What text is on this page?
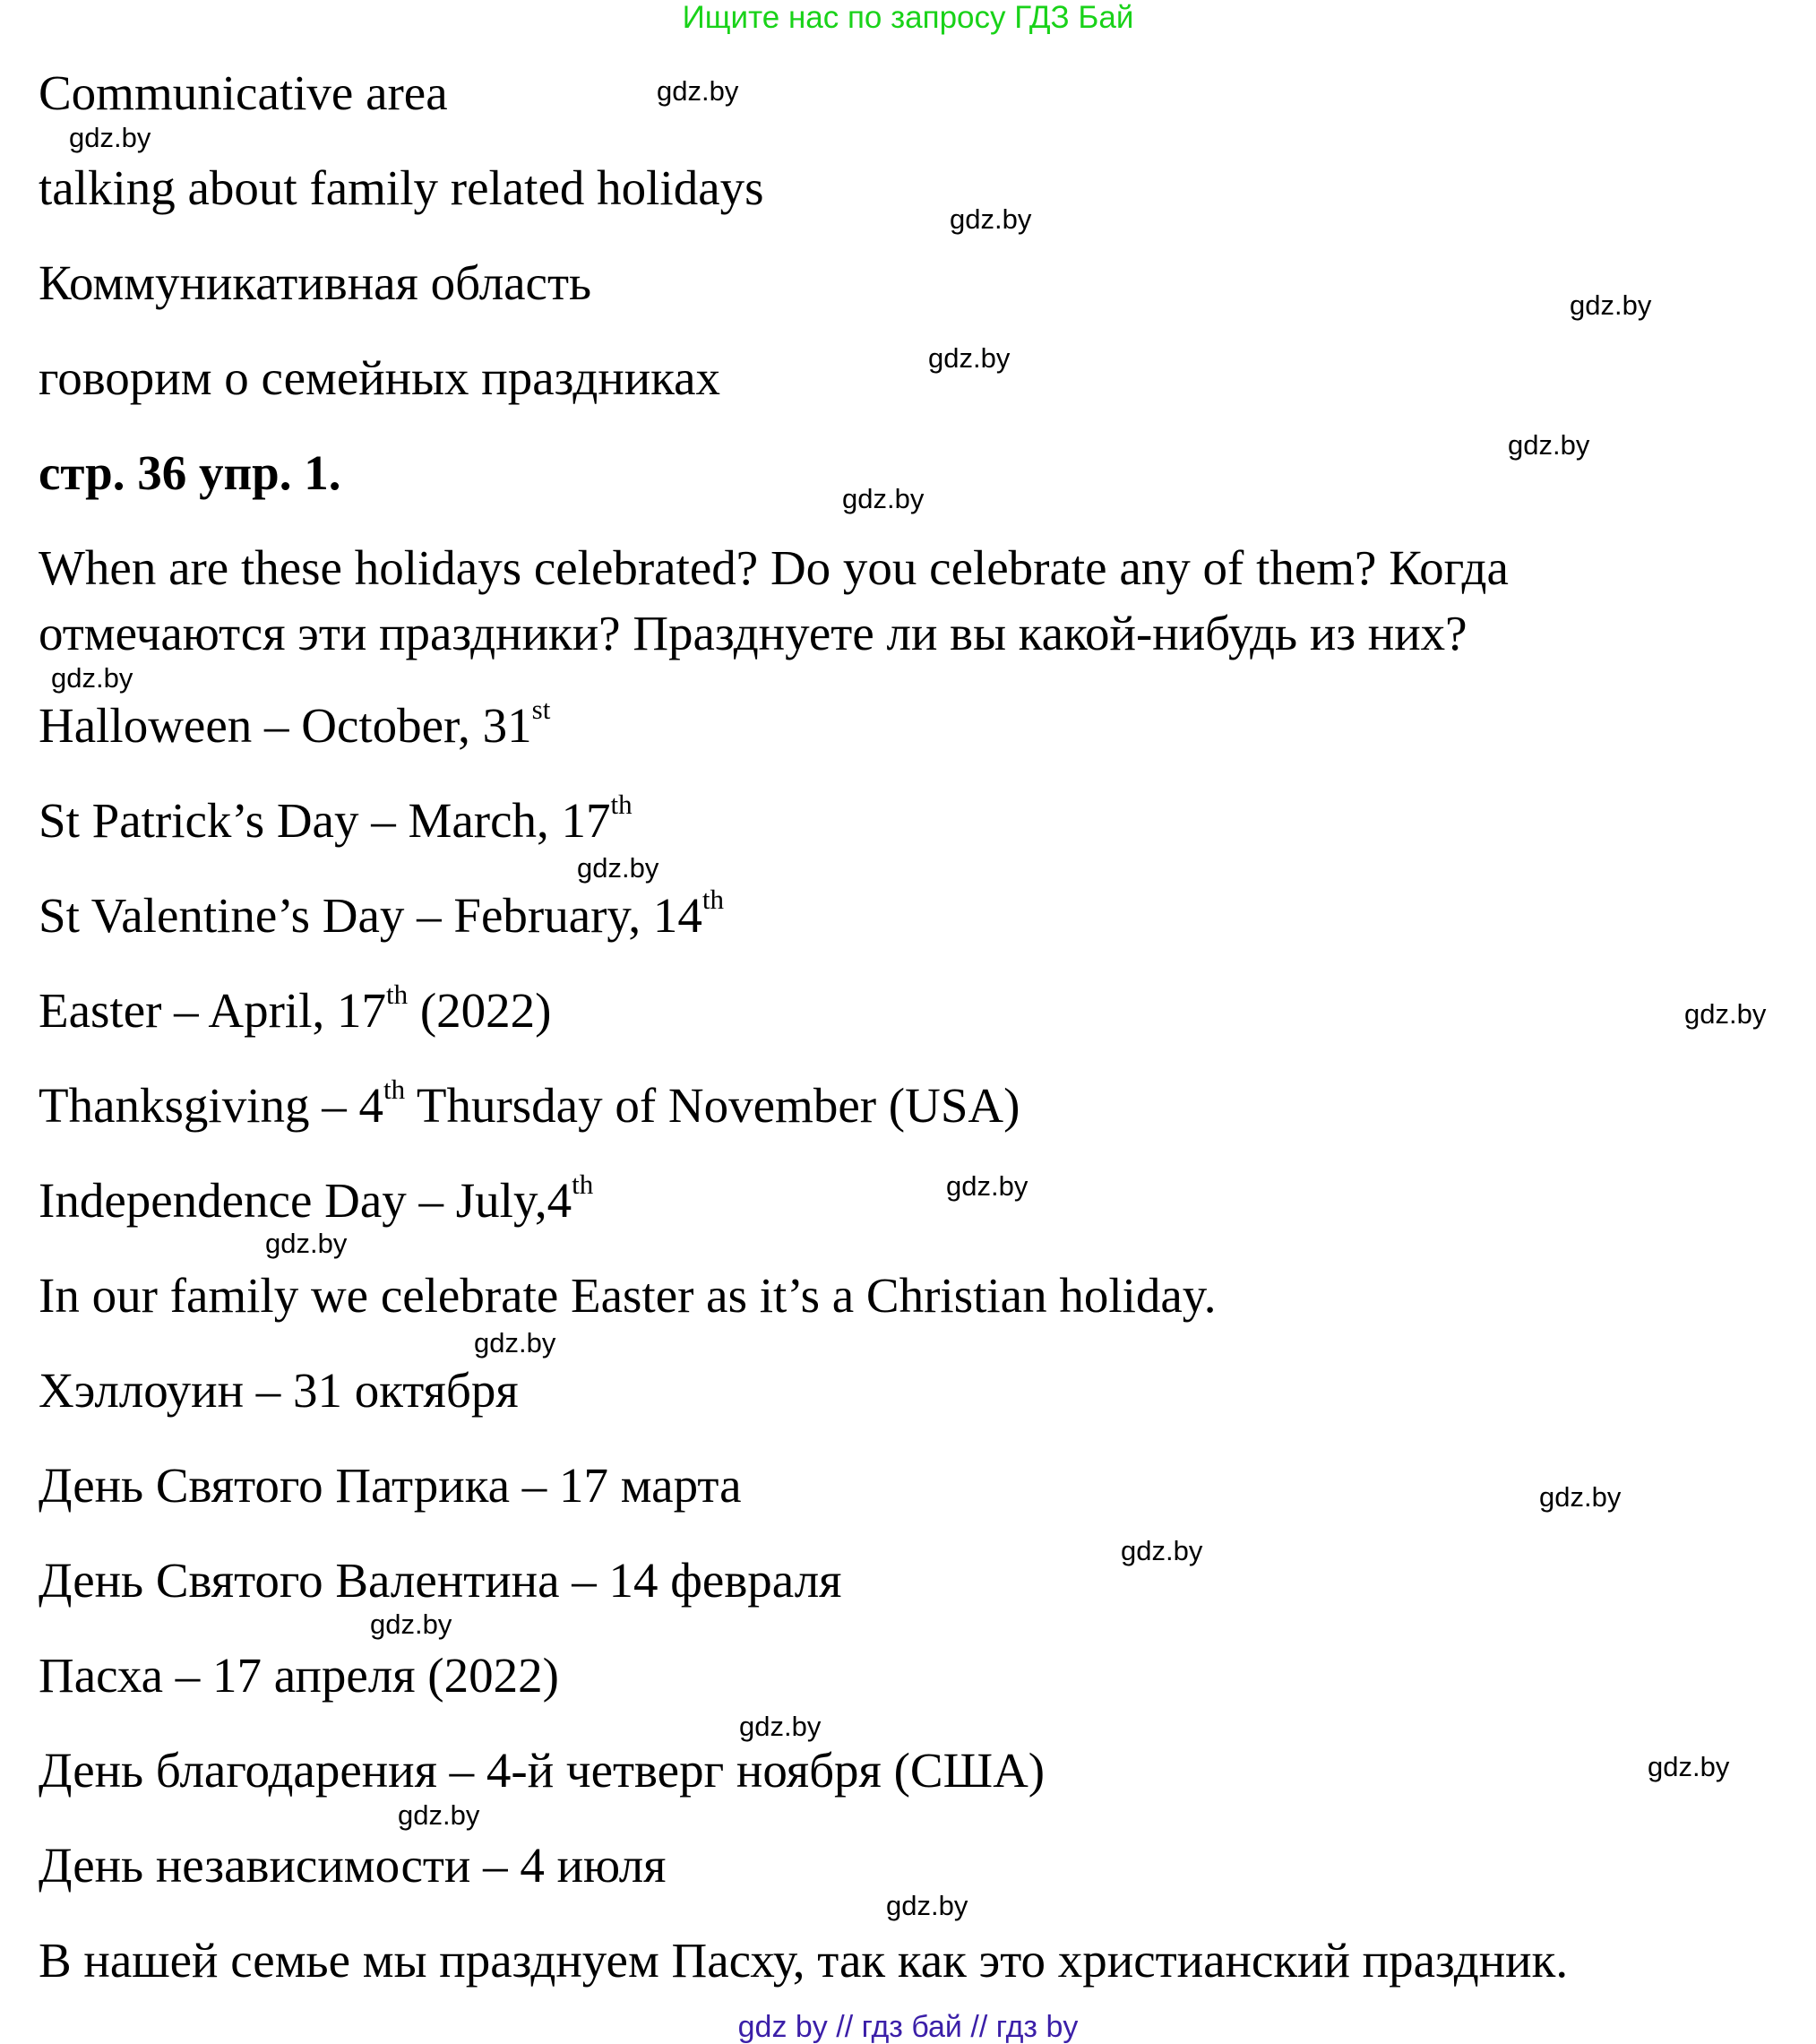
Ищите нас по запросу ГДЗ Бай

Communicative area

talking about family related holidays

Коммуникативная область

говорим о семейных праздниках

стр. 36 упр. 1.

When are these holidays celebrated? Do you celebrate any of them? Когда

отмечаются эти праздники? Празднуете ли вы какой-нибудь из них?

Halloween – October, 31st

St Patrick’s Day – March, 17th

St Valentine’s Day – February, 14th

Easter – April, 17th (2022)

Thanksgiving – 4th Thursday of November (USA)

Independence Day – July,4th

In our family we celebrate Easter as it’s a Christian holiday.

Хэллоуин – 31 октября

День Святого Патрика – 17 марта

День Святого Валентина – 14 февраля

Пасха – 17 апреля (2022)

День благодарения – 4-й четверг ноября (США)

День независимости – 4 июля

В нашей семье мы празднуем Пасху, так как это христианский праздник.

gdz.by
gdz.by
gdz.by
gdz.by
gdz.by
gdz.by
gdz.by
gdz.by
gdz.by
gdz.by
gdz.by
gdz.by
gdz.by
gdz.by
gdz.by
gdz.by
gdz.by
gdz.by
gdz.by
gdz.by
gdz by // гдз бай // гдз by
